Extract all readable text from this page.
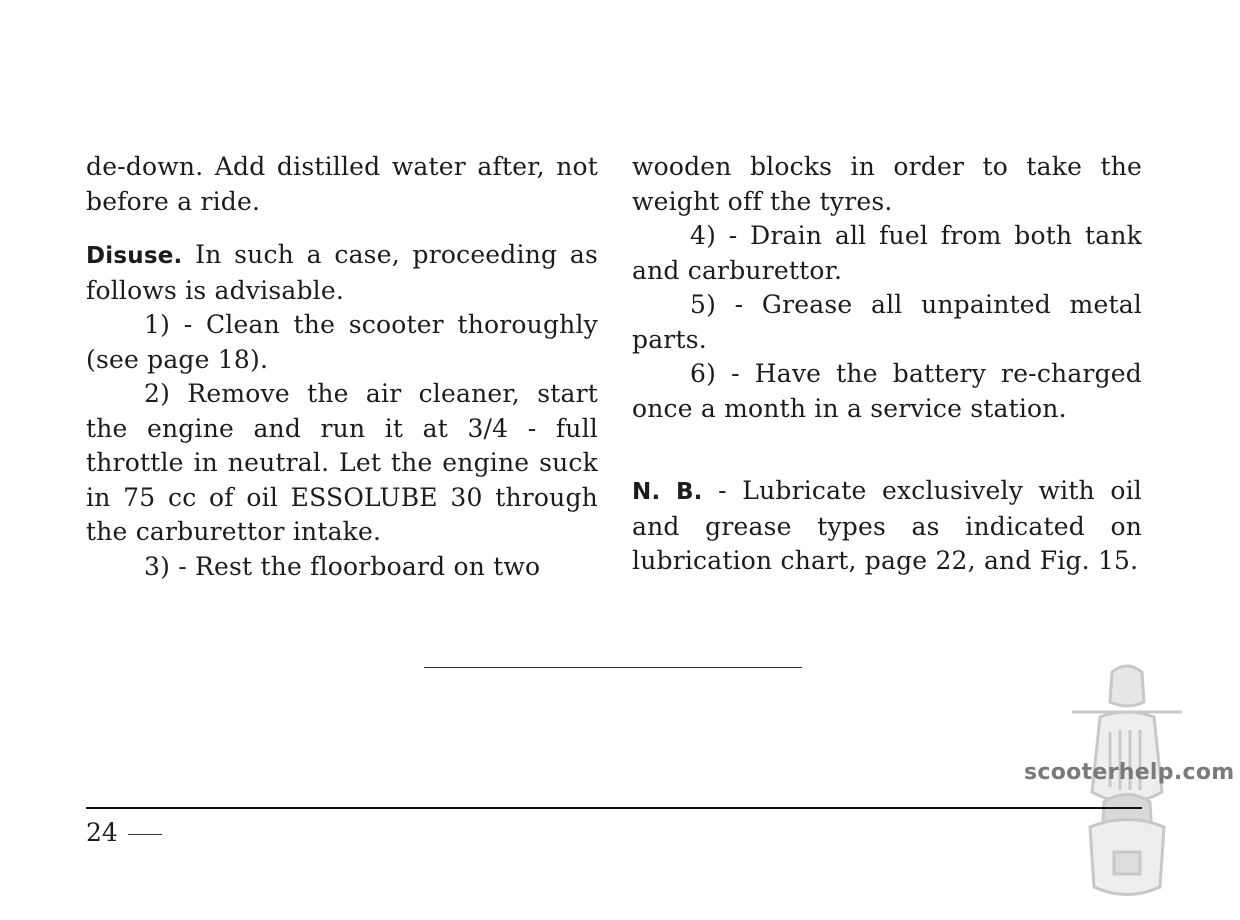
de-down. Add distilled water after, not before a ride.

Disuse. In such a case, proceeding as follows is advisable.

1) - Clean the scooter thoroughly (see page 18).

2) Remove the air cleaner, start the engine and run it at 3/4 - full throttle in neutral. Let the engine suck in 75 cc of oil ESSOLUBE 30 through the carburettor intake.

3) - Rest the floorboard on two

wooden blocks in order to take the weight off the tyres.

4) - Drain all fuel from both tank and carburettor.

5) - Grease all unpainted metal parts.

6) - Have the battery re-charged once a month in a service station.

N. B. - Lubricate exclusively with oil and grease types as indicated on lubrication chart, page 22, and Fig. 15.

scooterhelp.com
24
